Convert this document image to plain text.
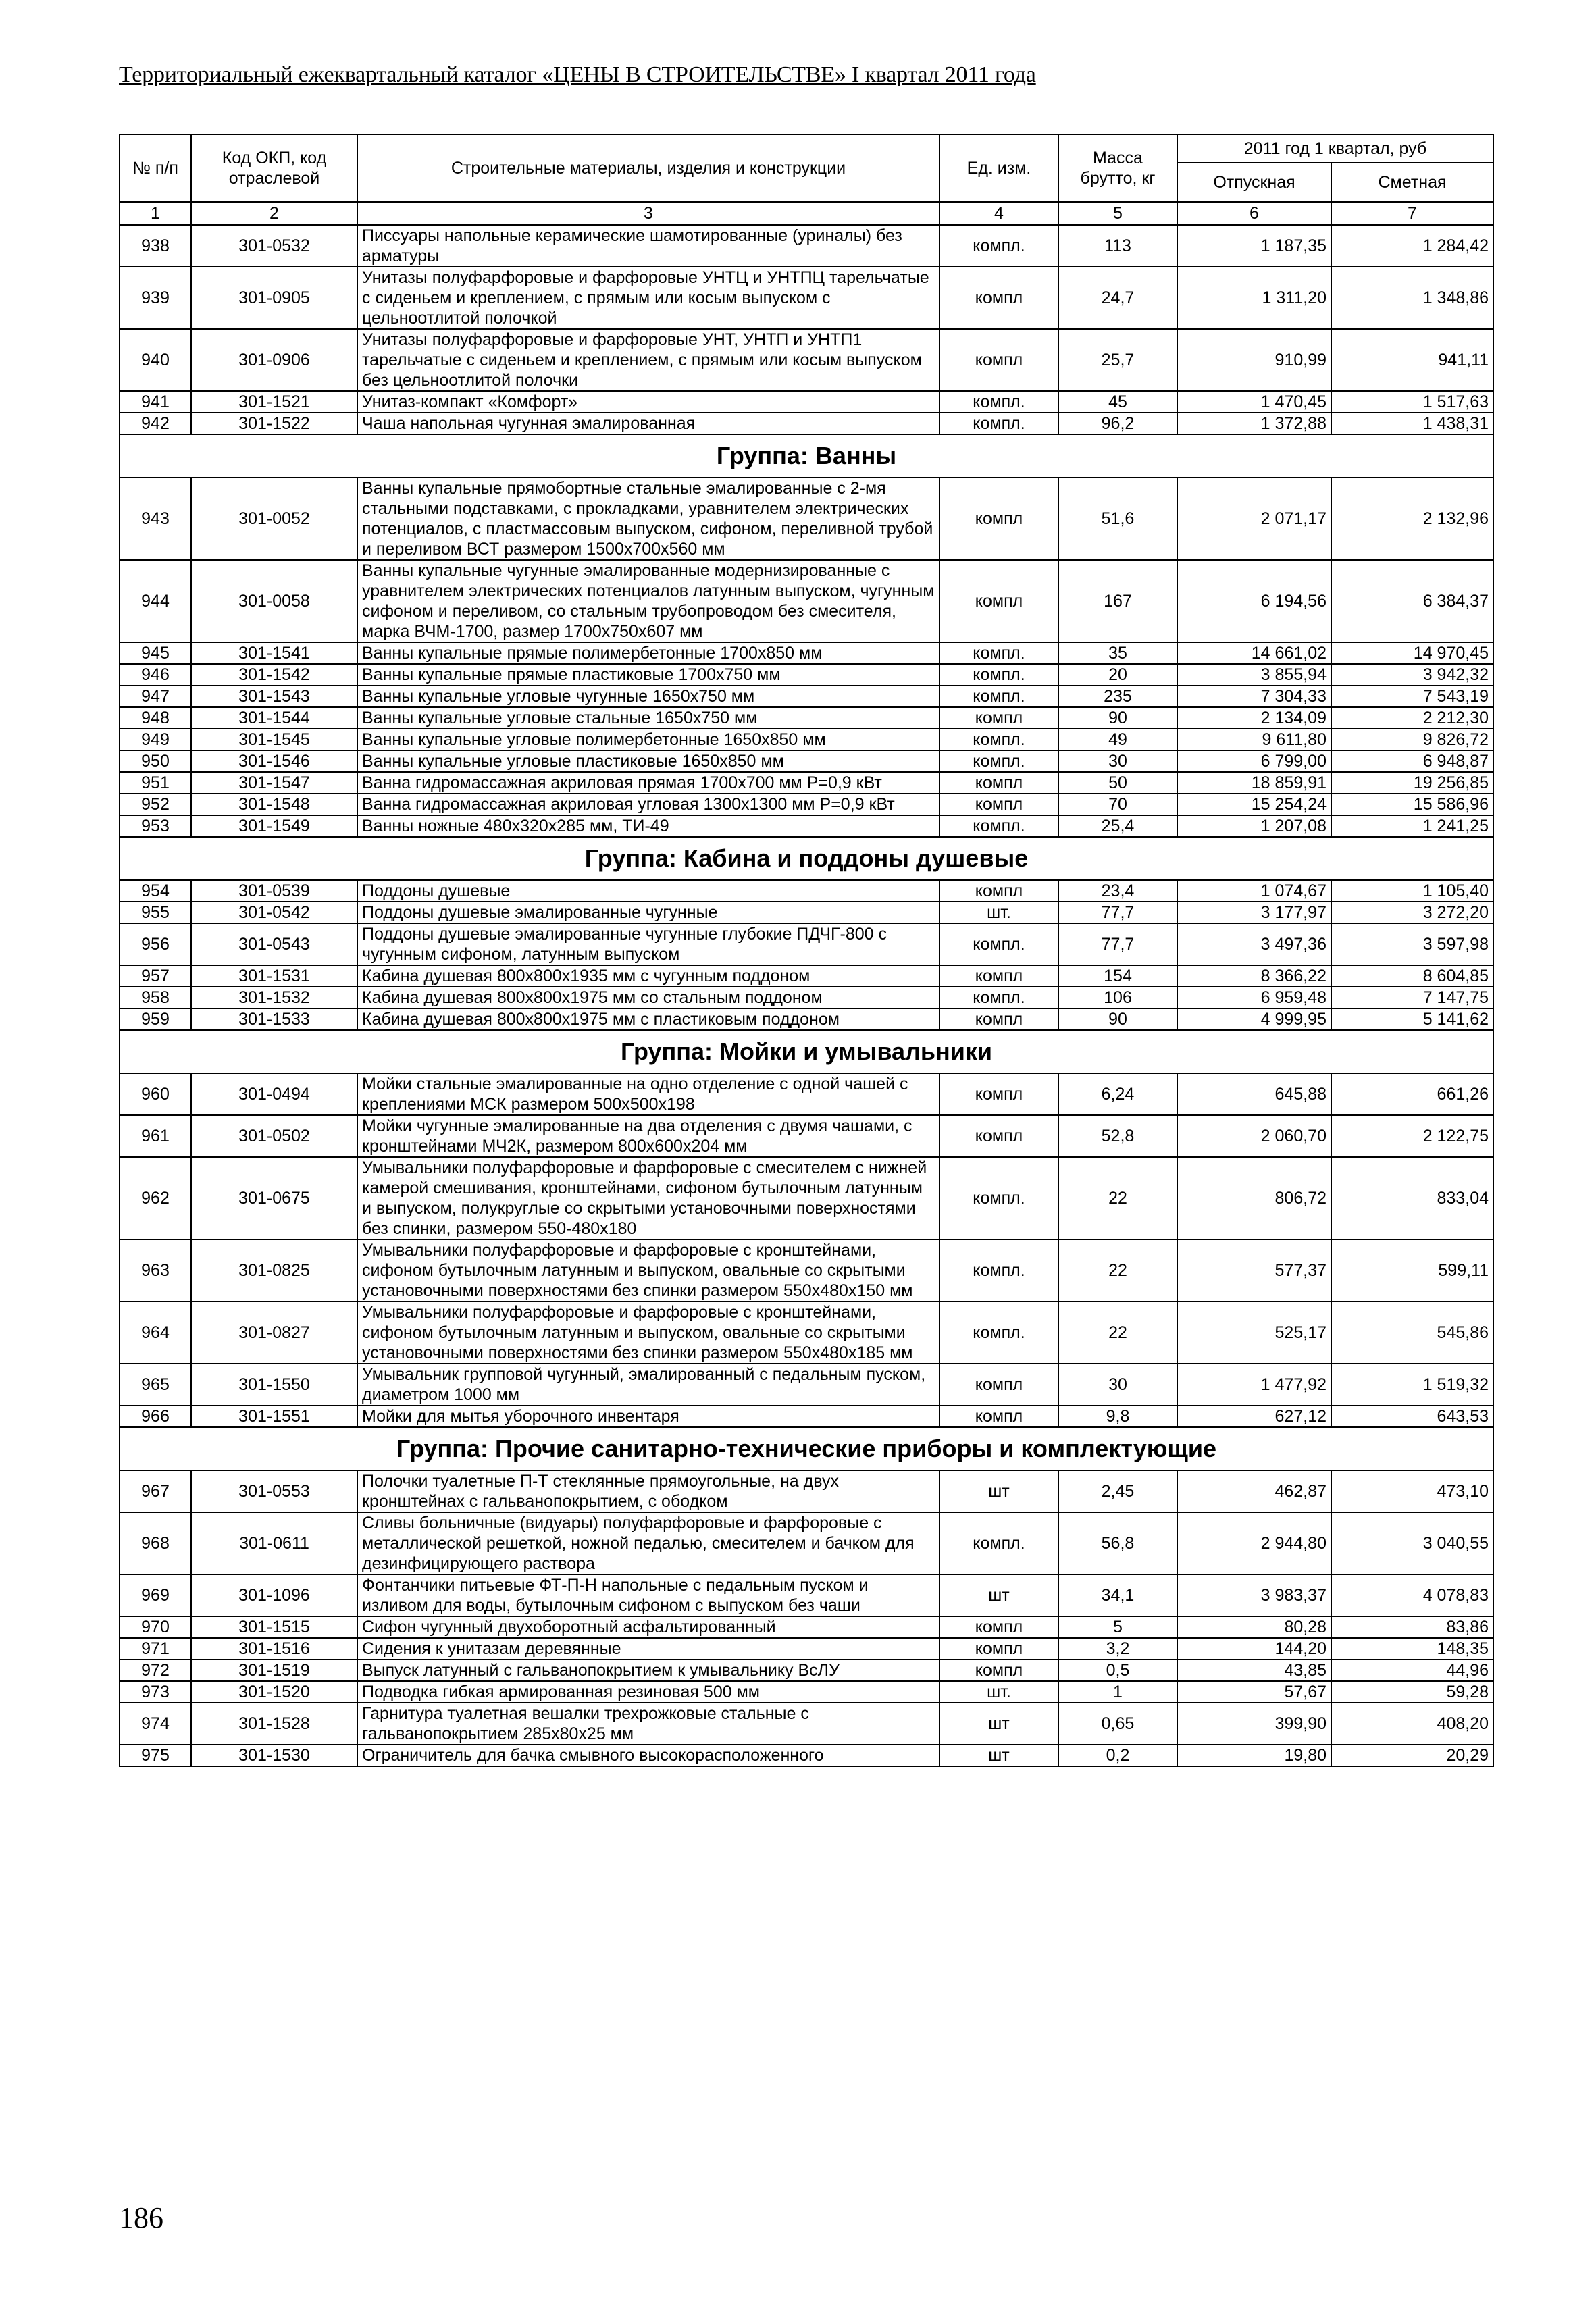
Территориальный ежеквартальный каталог «ЦЕНЫ В СТРОИТЕЛЬСТВЕ» I квартал 2011 года
№ п/п	Код ОКП, код отраслевой	Строительные материалы, изделия и конструкции	Ед. изм.	Масса брутто, кг	2011 год 1 квартал, руб	
					Отпускная	Сметная
1	2	3	4	5	6	7
938	301-0532	Писсуары напольные керамические шамотированные (уриналы) без арматуры	компл.	113	1 187,35	1 284,42
939	301-0905	Унитазы полуфарфоровые и фарфоровые УНТЦ и УНТПЦ тарельчатые с сиденьем и креплением, с прямым или косым выпуском с цельноотлитой полочкой	компл	24,7	1 311,20	1 348,86
940	301-0906	Унитазы полуфарфоровые и фарфоровые УНТ, УНТП и УНТП1 тарельчатые с сиденьем и креплением, с прямым или косым выпуском без цельноотлитой полочки	компл	25,7	910,99	941,11
941	301-1521	Унитаз-компакт «Комфорт»	компл.	45	1 470,45	1 517,63
942	301-1522	Чаша напольная чугунная эмалированная	компл.	96,2	1 372,88	1 438,31
Группа: Ванны						
943	301-0052	Ванны купальные прямобортные стальные эмалированные с 2-мя стальными подставками, с прокладками, уравнителем электрических потенциалов, с пластмассовым выпуском, сифоном, переливной трубой и переливом ВСТ размером 1500х700х560 мм	компл	51,6	2 071,17	2 132,96
944	301-0058	Ванны купальные чугунные эмалированные модернизированные с уравнителем электрических потенциалов латунным выпуском, чугунным сифоном и переливом, со стальным трубопроводом без смесителя, марка ВЧМ-1700, размер 1700х750х607 мм	компл	167	6 194,56	6 384,37
945	301-1541	Ванны купальные прямые полимербетонные 1700х850 мм	компл.	35	14 661,02	14 970,45
946	301-1542	Ванны купальные прямые пластиковые 1700х750 мм	компл.	20	3 855,94	3 942,32
947	301-1543	Ванны купальные угловые чугунные 1650х750 мм	компл.	235	7 304,33	7 543,19
948	301-1544	Ванны купальные угловые стальные 1650х750 мм	компл	90	2 134,09	2 212,30
949	301-1545	Ванны купальные угловые полимербетонные 1650х850 мм	компл.	49	9 611,80	9 826,72
950	301-1546	Ванны купальные угловые пластиковые 1650х850 мм	компл.	30	6 799,00	6 948,87
951	301-1547	Ванна гидромассажная акриловая прямая 1700х700 мм Р=0,9 кВт	компл	50	18 859,91	19 256,85
952	301-1548	Ванна гидромассажная акриловая угловая 1300х1300 мм Р=0,9 кВт	компл	70	15 254,24	15 586,96
953	301-1549	Ванны ножные 480х320х285 мм, ТИ-49	компл.	25,4	1 207,08	1 241,25
Группа: Кабина и поддоны душевые						
954	301-0539	Поддоны душевые	компл	23,4	1 074,67	1 105,40
955	301-0542	Поддоны душевые эмалированные чугунные	шт.	77,7	3 177,97	3 272,20
956	301-0543	Поддоны душевые эмалированные чугунные глубокие ПДЧГ-800 с чугунным сифоном, латунным выпуском	компл.	77,7	3 497,36	3 597,98
957	301-1531	Кабина душевая 800х800х1935 мм с чугунным поддоном	компл	154	8 366,22	8 604,85
958	301-1532	Кабина душевая 800х800х1975 мм со стальным поддоном	компл.	106	6 959,48	7 147,75
959	301-1533	Кабина душевая 800х800х1975 мм с пластиковым поддоном	компл	90	4 999,95	5 141,62
Группа: Мойки и умывальники						
960	301-0494	Мойки стальные эмалированные на одно отделение с одной чашей с креплениями МСК размером 500х500х198	компл	6,24	645,88	661,26
961	301-0502	Мойки чугунные эмалированные на два отделения с двумя чашами, с кронштейнами МЧ2К, размером 800х600х204 мм	компл	52,8	2 060,70	2 122,75
962	301-0675	Умывальники полуфарфоровые и фарфоровые с смесителем с нижней камерой смешивания, кронштейнами, сифоном бутылочным латунным и выпуском, полукруглые со скрытыми установочными поверхностями без спинки, размером 550-480х180	компл.	22	806,72	833,04
963	301-0825	Умывальники полуфарфоровые и фарфоровые с кронштейнами, сифоном бутылочным латунным и выпуском, овальные со скрытыми установочными поверхностями без спинки размером 550х480х150 мм	компл.	22	577,37	599,11
964	301-0827	Умывальники полуфарфоровые и фарфоровые с кронштейнами, сифоном бутылочным латунным и выпуском, овальные со скрытыми установочными поверхностями без спинки размером 550х480х185 мм	компл.	22	525,17	545,86
965	301-1550	Умывальник групповой чугунный, эмалированный с педальным пуском, диаметром 1000 мм	компл	30	1 477,92	1 519,32
966	301-1551	Мойки для мытья уборочного инвентаря	компл	9,8	627,12	643,53
Группа: Прочие санитарно-технические приборы и комплектующие						
967	301-0553	Полочки туалетные П-Т стеклянные прямоугольные, на двух кронштейнах с гальванопокрытием, с ободком	шт	2,45	462,87	473,10
968	301-0611	Сливы больничные (видуары) полуфарфоровые и фарфоровые с металлической решеткой, ножной педалью, смесителем и бачком для дезинфицирующего раствора	компл.	56,8	2 944,80	3 040,55
969	301-1096	Фонтанчики питьевые ФТ-П-Н напольные с педальным пуском и изливом для воды, бутылочным сифоном с выпуском без чаши	шт	34,1	3 983,37	4 078,83
970	301-1515	Сифон чугунный двухоборотный асфальтированный	компл	5	80,28	83,86
971	301-1516	Сидения к унитазам деревянные	компл	3,2	144,20	148,35
972	301-1519	Выпуск латунный с гальванопокрытием к умывальнику ВсЛУ	компл	0,5	43,85	44,96
973	301-1520	Подводка гибкая армированная резиновая 500 мм	шт.	1	57,67	59,28
974	301-1528	Гарнитура туалетная вешалки трехрожковые стальные с гальванопокрытием 285х80х25 мм	шт	0,65	399,90	408,20
975	301-1530	Ограничитель для бачка смывного высокорасположенного	шт	0,2	19,80	20,29
186
